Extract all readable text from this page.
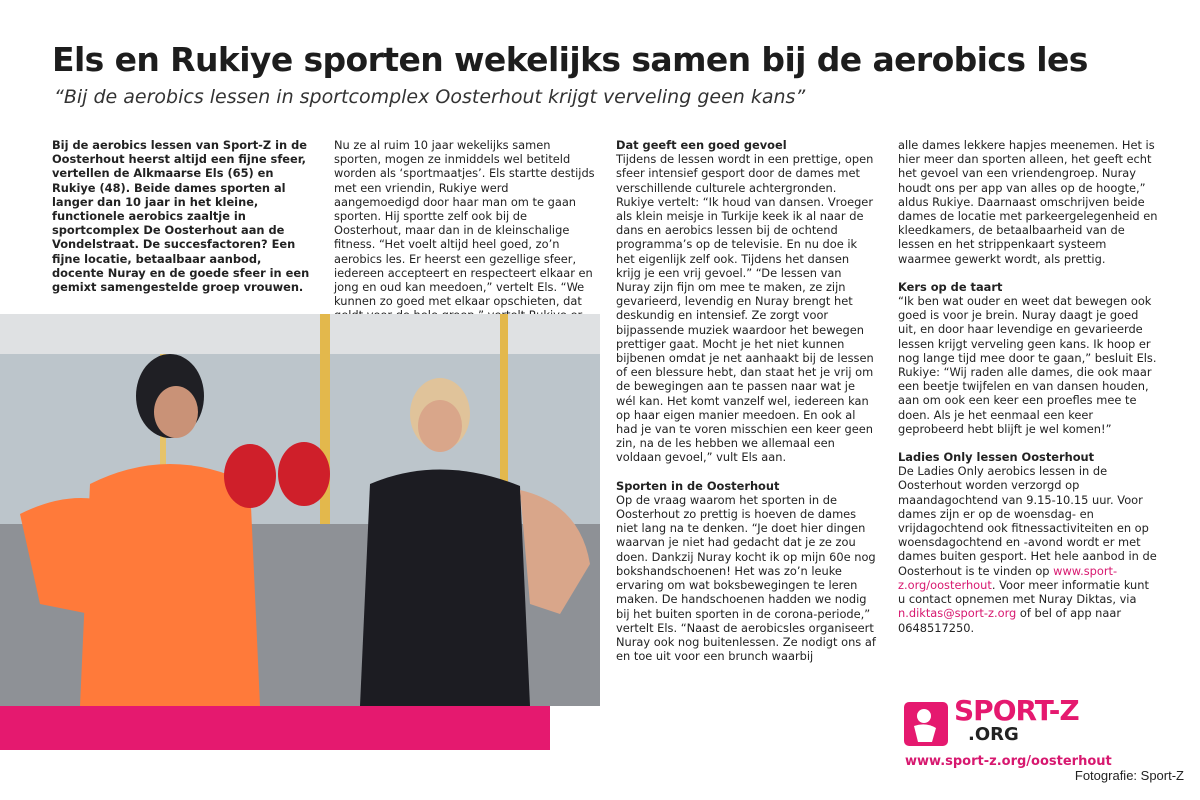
Els en Rukiye sporten wekelijks samen bij de aerobics les

“Bij de aerobics lessen in sportcomplex Oosterhout krijgt verveling geen kans”

Bij de aerobics lessen van Sport-Z in de Oosterhout heerst altijd een fijne sfeer, vertellen de Alkmaarse Els (65) en Rukiye (48). Beide dames sporten al langer dan 10 jaar in het kleine, functionele aerobics zaaltje in sportcomplex De Oosterhout aan de Vondelstraat. De succesfactoren? Een fijne locatie, betaalbaar aanbod, docente Nuray en de goede sfeer in een gemixt samengestelde groep vrouwen.

Nu ze al ruim 10 jaar wekelijks samen sporten, mogen ze inmiddels wel betiteld worden als ‘sportmaatjes’. Els startte destijds met een vriendin, Rukiye werd aangemoedigd door haar man om te gaan sporten. Hij sportte zelf ook bij de Oosterhout, maar dan in de kleinschalige fitness. “Het voelt altijd heel goed, zo’n aerobics les. Er heerst een gezellige sfeer, iedereen accepteert en respecteert elkaar en jong en oud kan meedoen,” vertelt Els. “We kunnen zo goed met elkaar opschieten, dat

Dat geeft een goed gevoel

Tijdens de lessen wordt in een prettige, open sfeer intensief gesport door de dames met verschillende culturele achtergronden. Rukiye vertelt: “Ik houd van dansen. Vroeger als klein meisje in Turkije keek ik al naar de dans en aerobics lessen bij de ochtend programma’s op de televisie. En nu doe ik het eigenlijk zelf ook. Tijdens het dansen krijg je een vrij gevoel.” “De lessen van Nuray zijn fijn om mee te maken, ze zijn gevarieerd, levendig en Nuray brengt het deskundig en intensief. Ze zorgt voor bijpassende muziek waardoor het bewegen prettiger gaat. Mocht je het niet kunnen bijbenen omdat je net aanhaakt bij de lessen of een blessure hebt, dan staat het je vrij om de bewegingen aan te passen naar wat je wél kan. Het komt vanzelf wel, iedereen kan op haar eigen manier meedoen. En ook al had je van te voren misschien een keer geen zin, na de les hebben we allemaal een voldaan gevoel,” vult Els aan.

Sporten in de Oosterhout

Op de vraag waarom het sporten in de Oosterhout zo prettig is hoeven de dames niet lang na te denken. “Je doet hier dingen waarvan je niet had gedacht dat je ze zou doen. Dankzij Nuray kocht ik op mijn 60e nog bokshandschoenen! Het was zo’n leuke ervaring om wat boksbewegingen te leren maken. De handschoenen hadden we nodig bij het buiten sporten in de corona-periode,” vertelt Els. “Naast de aerobicsles organiseert Nuray ook nog buitenlessen. Ze nodigt ons af en toe uit voor een brunch waarbij

alle dames lekkere hapjes meenemen. Het is hier meer dan sporten alleen, het geeft echt het gevoel van een vriendengroep. Nuray houdt ons per app van alles op de hoogte,” aldus Rukiye. Daarnaast omschrijven beide dames de locatie met parkeergelegenheid en kleedkamers, de betaalbaarheid van de lessen en het strippenkaart systeem waarmee gewerkt wordt, als prettig.

Kers op de taart

“Ik ben wat ouder en weet dat bewegen ook goed is voor je brein. Nuray daagt je goed uit, en door haar levendige en gevarieerde lessen krijgt verveling geen kans. Ik hoop er nog lange tijd mee door te gaan,” besluit Els. Rukiye: “Wij raden alle dames, die ook maar een beetje twijfelen en van dansen houden, aan om ook een keer een proefles mee te doen. Als je het eenmaal een keer geprobeerd hebt blijft je wel komen!”

Ladies Only lessen Oosterhout

De Ladies Only aerobics lessen in de Oosterhout worden verzorgd op maandagochtend van 9.15-10.15 uur. Voor dames zijn er op de woensdag- en vrijdagochtend ook fitnessactiviteiten en op woensdagochtend en -avond wordt er met dames buiten gesport. Het hele aanbod in de Oosterhout is te vinden op www.sport-z.org/oosterhout. Voor meer informatie kunt u contact opnemen met Nuray Diktas, via n.diktas@sport-z.org of bel of app naar 0648517250.

SPORT-Z
.ORG
www.sport-z.org/oosterhout
Fotografie: Sport-Z
